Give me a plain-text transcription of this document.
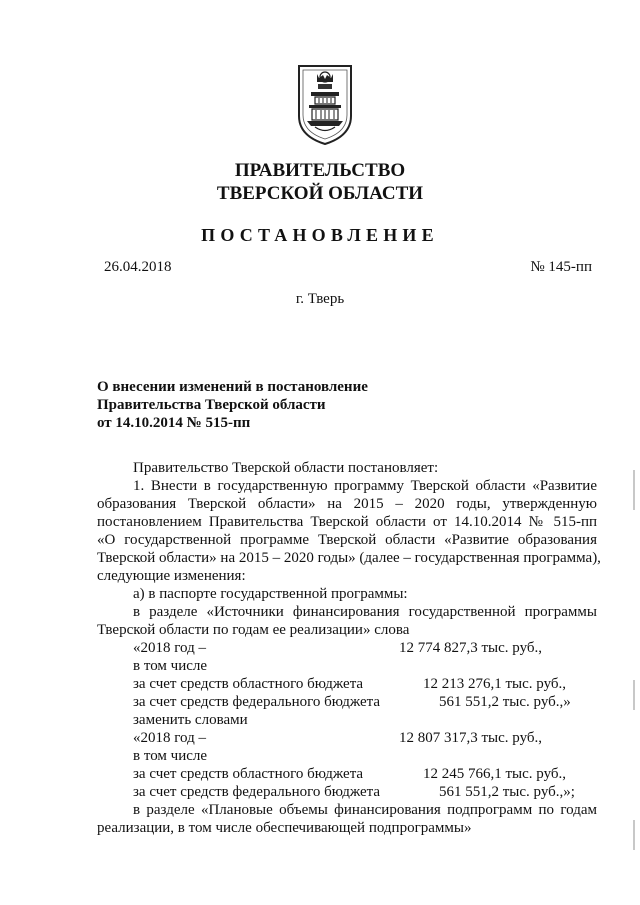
ПРАВИТЕЛЬСТВО
ТВЕРСКОЙ ОБЛАСТИ
ПОСТАНОВЛЕНИЕ
26.04.2018	№ 145-пп
г. Тверь
О внесении изменений в постановление
Правительства Тверской области
от 14.10.2014 № 515-пп
Правительство Тверской области постановляет:
1. Внести в государственную программу Тверской области «Развитие
образования Тверской области» на 2015 – 2020 годы, утвержденную
постановлением Правительства Тверской области от 14.10.2014 № 515-пп
«О государственной программе Тверской области «Развитие образования
Тверской области» на 2015 – 2020 годы» (далее – государственная программа),
следующие изменения:
а) в паспорте государственной программы:
в разделе «Источники финансирования государственной программы
Тверской области по годам ее реализации» слова
«2018 год –	12 774 827,3 тыс. руб.,
в том числе
за счет средств областного бюджета	12 213 276,1 тыс. руб.,
за счет средств федерального бюджета	561 551,2 тыс. руб.,»
заменить словами
«2018 год –	12 807 317,3 тыс. руб.,
в том числе
за счет средств областного бюджета	12 245 766,1 тыс. руб.,
за счет средств федерального бюджета	561 551,2 тыс. руб.,»;
в разделе «Плановые объемы финансирования подпрограмм по годам
реализации, в том числе обеспечивающей подпрограммы»
